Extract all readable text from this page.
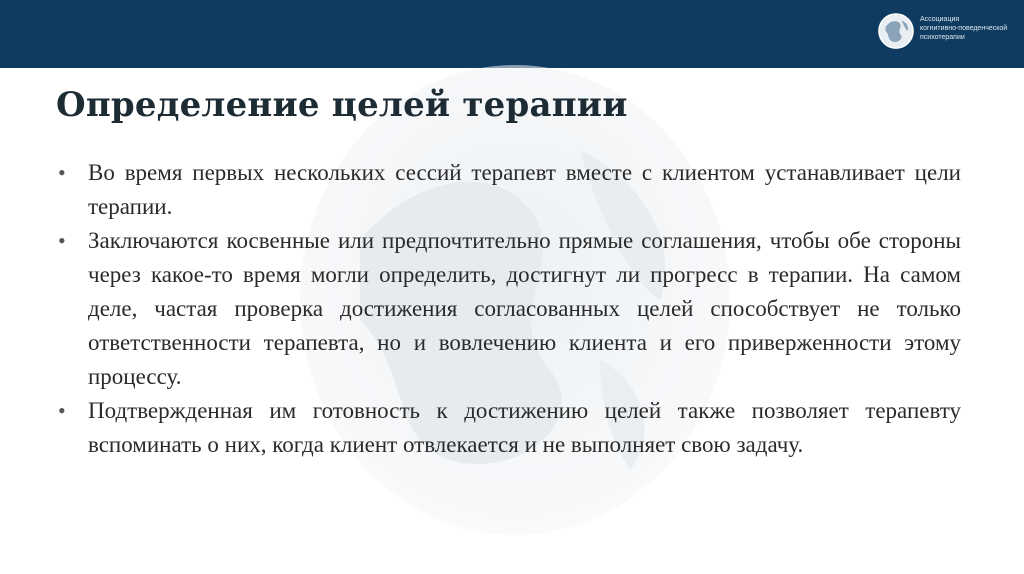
Ассоциация
когнитивно-поведенческой
психотерапии
Определение целей терапии
• Во время первых нескольких сессий терапевт вместе с клиентом устанавливает цели терапии.
• Заключаются косвенные или предпочтительно прямые соглашения, чтобы обе стороны через какое-то время могли определить, достигнут ли прогресс в терапии. На самом деле, частая проверка достижения согласованных целей способствует не только ответственности терапевта, но и вовлечению клиента и его приверженности этому процессу.
• Подтвержденная им готовность к достижению целей также позволяет терапевту вспоминать о них, когда клиент отвлекается и не выполняет свою задачу.
